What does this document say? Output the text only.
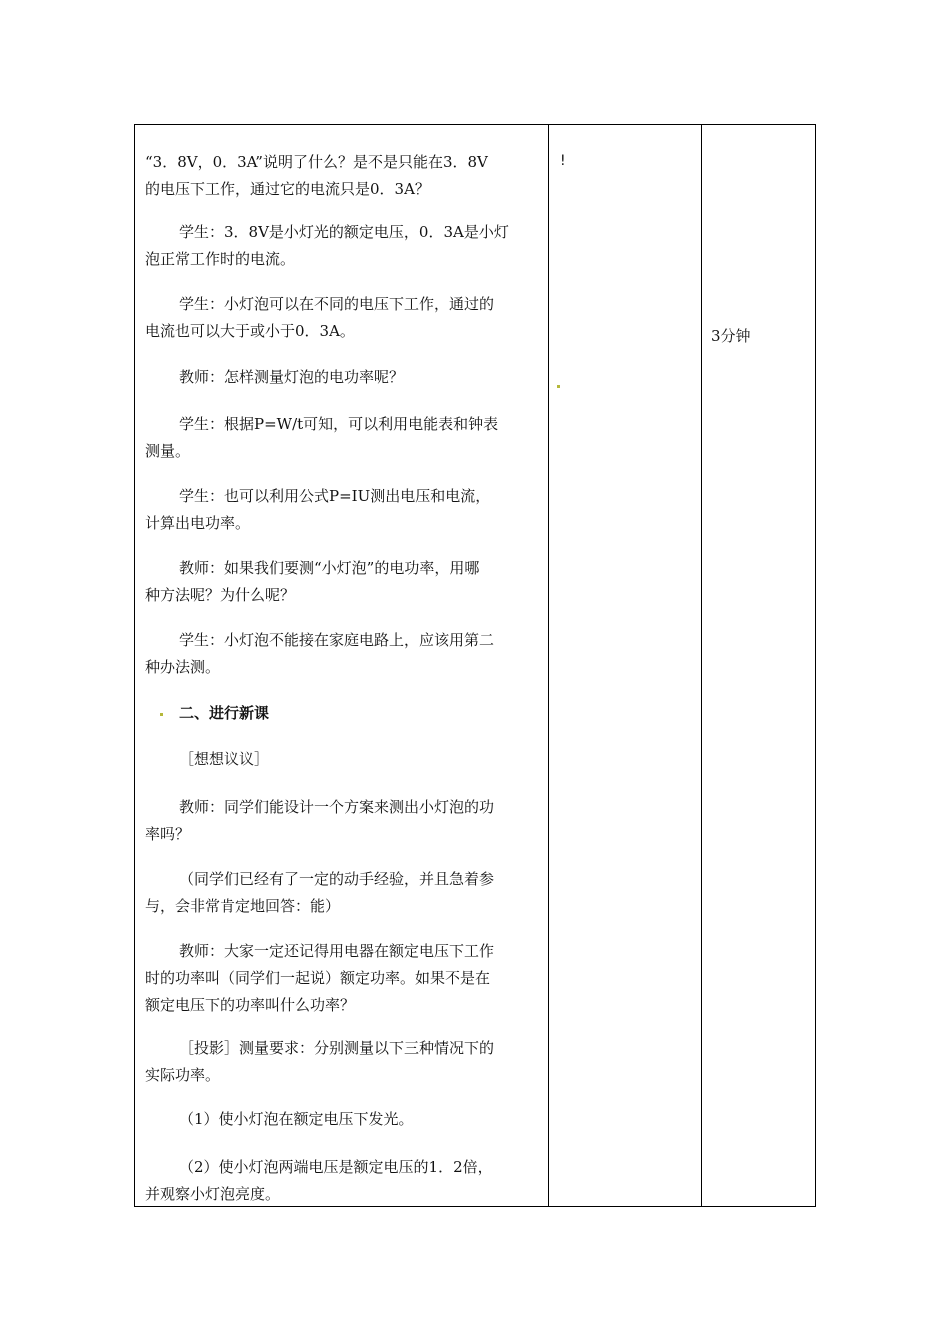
“3．8V，0．3A”说明了什么？是不是只能在3．8V
的电压下工作，通过它的电流只是0．3A？
学生：3．8V是小灯光的额定电压，0．3A是小灯
泡正常工作时的电流。
学生：小灯泡可以在不同的电压下工作，通过的
电流也可以大于或小于0．3A。
教师：怎样测量灯泡的电功率呢？
学生：根据P=W/t可知，可以利用电能表和钟表
测量。
学生：也可以利用公式P=IU测出电压和电流，
计算出电功率。
教师：如果我们要测“小灯泡”的电功率，用哪
种方法呢？为什么呢？
学生：小灯泡不能接在家庭电路上，应该用第二
种办法测。
二、进行新课
［想想议议］
教师：同学们能设计一个方案来测出小灯泡的功
率吗？
（同学们已经有了一定的动手经验，并且急着参
与，会非常肯定地回答：能）
教师：大家一定还记得用电器在额定电压下工作
时的功率叫（同学们一起说）额定功率。如果不是在
额定电压下的功率叫什么功率？
［投影］测量要求：分别测量以下三种情况下的
实际功率。
（1）使小灯泡在额定电压下发光。
（2）使小灯泡两端电压是额定电压的1．2倍，
并观察小灯泡亮度。
!
3分钟
